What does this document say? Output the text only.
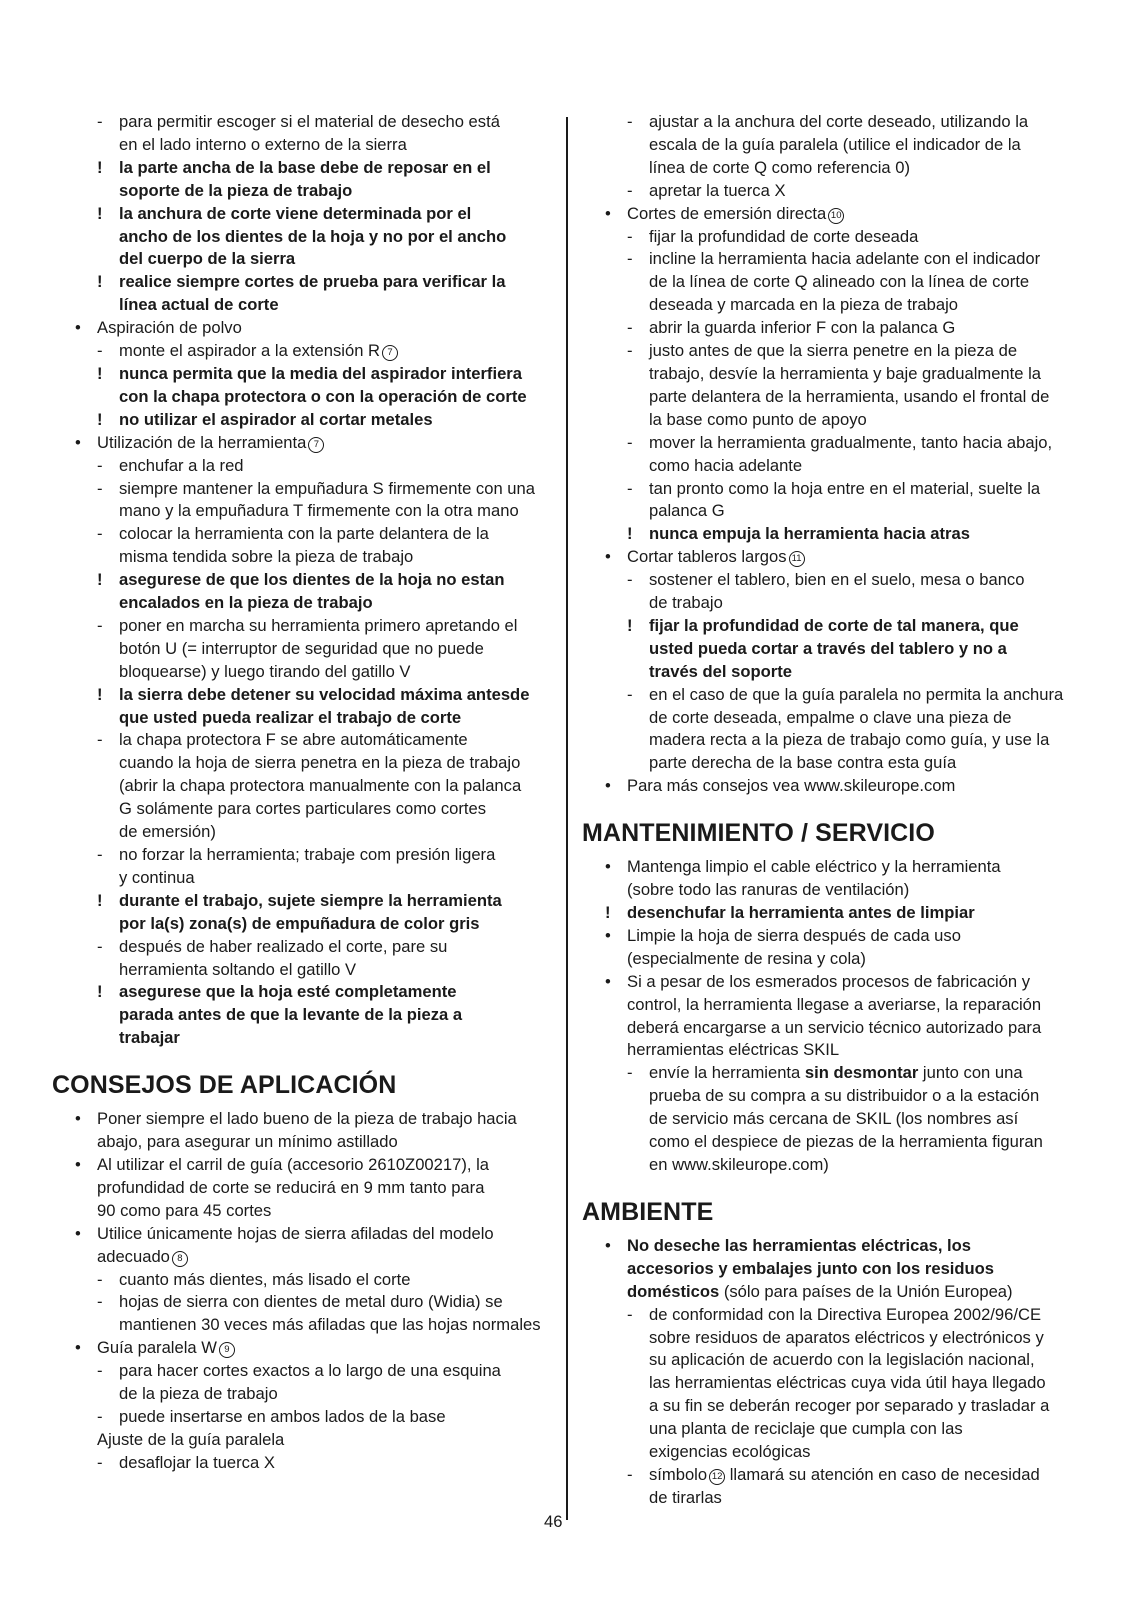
- para permitir escoger si el material de desecho está
en el lado interno o externo de la sierra
! la parte ancha de la base debe de reposar en el
soporte de la pieza de trabajo
! la anchura de corte viene determinada por el
ancho de los dientes de la hoja y no por el ancho
del cuerpo de la sierra
! realice siempre cortes de prueba para verificar la
línea actual de corte
• Aspiración de polvo
- monte el aspirador a la extensión R 7
! nunca permita que la media del aspirador interfiera
con la chapa protectora o con la operación de corte
! no utilizar el aspirador al cortar metales
• Utilización de la herramienta 7
- enchufar a la red
- siempre mantener la empuñadura S firmemente con una
mano y la empuñadura T firmemente con la otra mano
- colocar la herramienta con la parte delantera de la
misma tendida sobre la pieza de trabajo
! asegurese de que los dientes de la hoja no estan
encalados en la pieza de trabajo
- poner en marcha su herramienta primero apretando el
botón U (= interruptor de seguridad que no puede
bloquearse) y luego tirando del gatillo V
! la sierra debe detener su velocidad máxima antesde
que usted pueda realizar el trabajo de corte
- la chapa protectora F se abre automáticamente
cuando la hoja de sierra penetra en la pieza de trabajo
(abrir la chapa protectora manualmente con la palanca
G solámente para cortes particulares como cortes
de emersión)
- no forzar la herramienta; trabaje com presión ligera
y continua
! durante el trabajo, sujete siempre la herramienta
por la(s) zona(s) de empuñadura de color gris
- después de haber realizado el corte, pare su
herramienta soltando el gatillo V
! asegurese que la hoja esté completamente
parada antes de que la levante de la pieza a
trabajar
CONSEJOS DE APLICACIÓN
• Poner siempre el lado bueno de la pieza de trabajo hacia
abajo, para asegurar un mínimo astillado
• Al utilizar el carril de guía (accesorio 2610Z00217), la
profundidad de corte se reducirá en 9 mm tanto para
90 como para 45 cortes
• Utilice únicamente hojas de sierra afiladas del modelo
adecuado 8
- cuanto más dientes, más lisado el corte
- hojas de sierra con dientes de metal duro (Widia) se
mantienen 30 veces más afiladas que las hojas normales
• Guía paralela W 9
- para hacer cortes exactos a lo largo de una esquina
de la pieza de trabajo
- puede insertarse en ambos lados de la base
Ajuste de la guía paralela
- desaflojar la tuerca X
- ajustar a la anchura del corte deseado, utilizando la
escala de la guía paralela (utilice el indicador de la
línea de corte Q como referencia 0)
- apretar la tuerca X
• Cortes de emersión directa 10
- fijar la profundidad de corte deseada
- incline la herramienta hacia adelante con el indicador
de la línea de corte Q alineado con la línea de corte
deseada y marcada en la pieza de trabajo
- abrir la guarda inferior F con la palanca G
- justo antes de que la sierra penetre en la pieza de
trabajo, desvíe la herramienta y baje gradualmente la
parte delantera de la herramienta, usando el frontal de
la base como punto de apoyo
- mover la herramienta gradualmente, tanto hacia abajo,
como hacia adelante
- tan pronto como la hoja entre en el material, suelte la
palanca G
! nunca empuja la herramienta hacia atras
• Cortar tableros largos 11
- sostener el tablero, bien en el suelo, mesa o banco
de trabajo
! fijar la profundidad de corte de tal manera, que
usted pueda cortar a través del tablero y no a
través del soporte
- en el caso de que la guía paralela no permita la anchura
de corte deseada, empalme o clave una pieza de
madera recta a la pieza de trabajo como guía, y use la
parte derecha de la base contra esta guía
• Para más consejos vea www.skileurope.com
MANTENIMIENTO / SERVICIO
• Mantenga limpio el cable eléctrico y la herramienta
(sobre todo las ranuras de ventilación)
! desenchufar la herramienta antes de limpiar
• Limpie la hoja de sierra después de cada uso
(especialmente de resina y cola)
• Si a pesar de los esmerados procesos de fabricación y
control, la herramienta llegase a averiarse, la reparación
deberá encargarse a un servicio técnico autorizado para
herramientas eléctricas SKIL
- envíe la herramienta sin desmontar junto con una
prueba de su compra a su distribuidor o a la estación
de servicio más cercana de SKIL (los nombres así
como el despiece de piezas de la herramienta figuran
en www.skileurope.com)
AMBIENTE
• No deseche las herramientas eléctricas, los
accesorios y embalajes junto con los residuos
domésticos (sólo para países de la Unión Europea)
- de conformidad con la Directiva Europea 2002/96/CE
sobre residuos de aparatos eléctricos y electrónicos y
su aplicación de acuerdo con la legislación nacional,
las herramientas eléctricas cuya vida útil haya llegado
a su fin se deberán recoger por separado y trasladar a
una planta de reciclaje que cumpla con las
exigencias ecológicas
- símbolo 12 llamará su atención en caso de necesidad
de tirarlas
46
